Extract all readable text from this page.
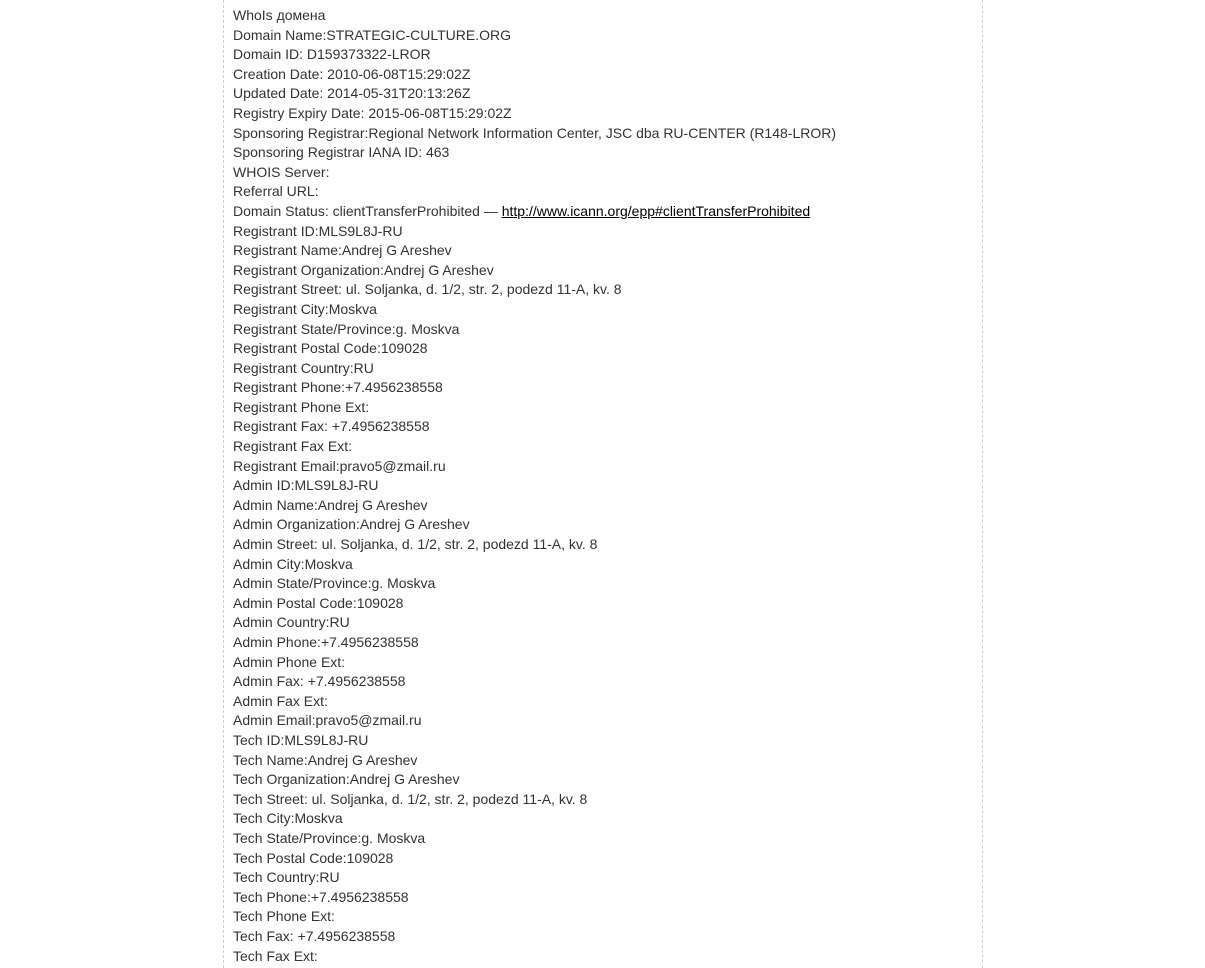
WhoIs домена
Domain Name:STRATEGIC-CULTURE.ORG
Domain ID: D159373322-LROR
Creation Date: 2010-06-08T15:29:02Z
Updated Date: 2014-05-31T20:13:26Z
Registry Expiry Date: 2015-06-08T15:29:02Z
Sponsoring Registrar:Regional Network Information Center, JSC dba RU-CENTER (R148-LROR)
Sponsoring Registrar IANA ID: 463
WHOIS Server:
Referral URL:
Domain Status: clientTransferProhibited — http://www.icann.org/epp#clientTransferProhibited
Registrant ID:MLS9L8J-RU
Registrant Name:Andrej G Areshev
Registrant Organization:Andrej G Areshev
Registrant Street: ul. Soljanka, d. 1/2, str. 2, podezd 11-A, kv. 8
Registrant City:Moskva
Registrant State/Province:g. Moskva
Registrant Postal Code:109028
Registrant Country:RU
Registrant Phone:+7.4956238558
Registrant Phone Ext:
Registrant Fax: +7.4956238558
Registrant Fax Ext:
Registrant Email:pravo5@zmail.ru
Admin ID:MLS9L8J-RU
Admin Name:Andrej G Areshev
Admin Organization:Andrej G Areshev
Admin Street: ul. Soljanka, d. 1/2, str. 2, podezd 11-A, kv. 8
Admin City:Moskva
Admin State/Province:g. Moskva
Admin Postal Code:109028
Admin Country:RU
Admin Phone:+7.4956238558
Admin Phone Ext:
Admin Fax: +7.4956238558
Admin Fax Ext:
Admin Email:pravo5@zmail.ru
Tech ID:MLS9L8J-RU
Tech Name:Andrej G Areshev
Tech Organization:Andrej G Areshev
Tech Street: ul. Soljanka, d. 1/2, str. 2, podezd 11-A, kv. 8
Tech City:Moskva
Tech State/Province:g. Moskva
Tech Postal Code:109028
Tech Country:RU
Tech Phone:+7.4956238558
Tech Phone Ext:
Tech Fax: +7.4956238558
Tech Fax Ext:
